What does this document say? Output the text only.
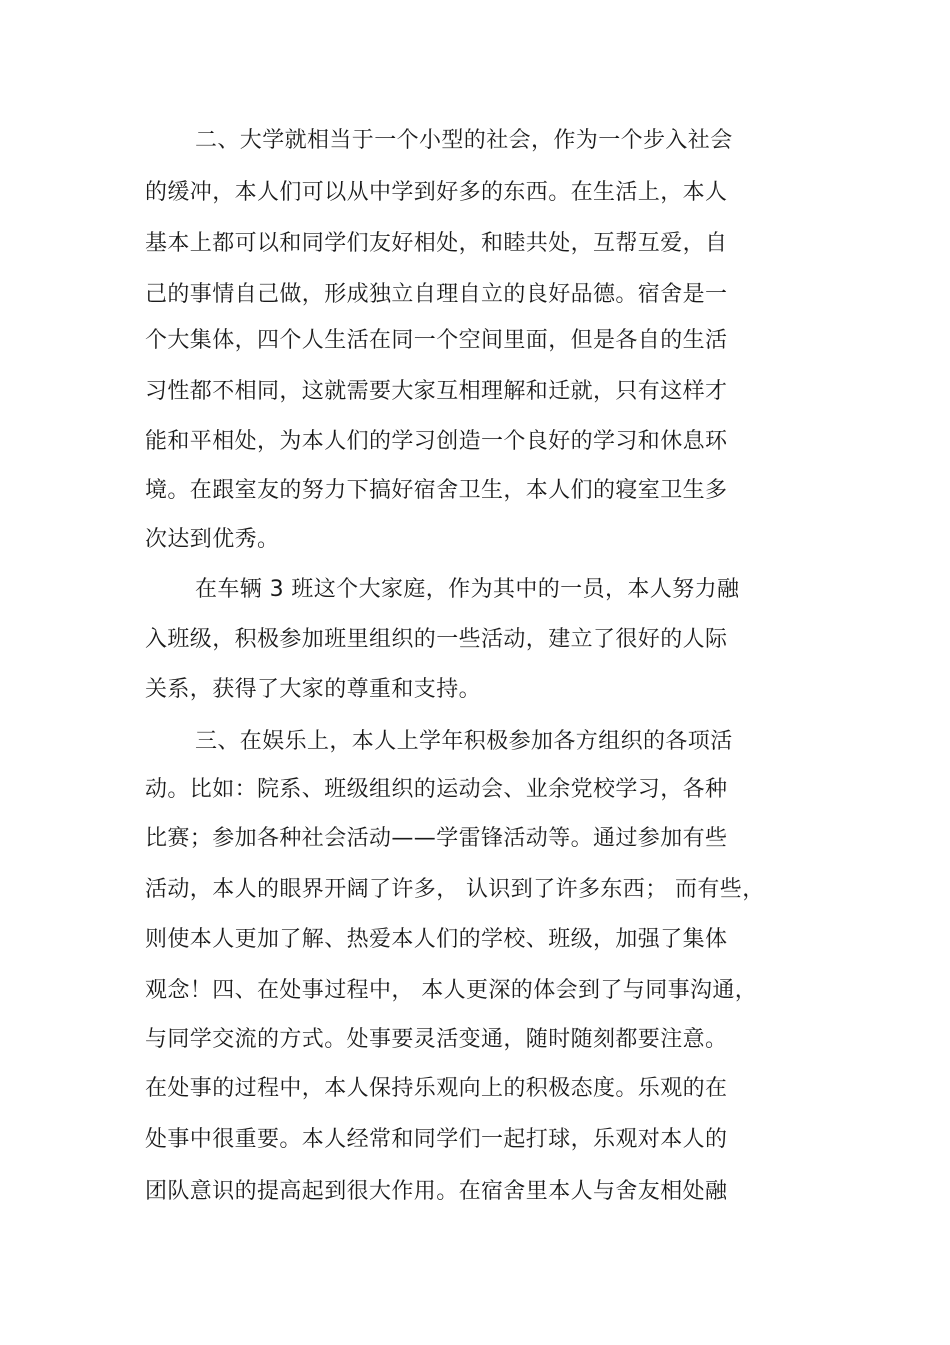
二、大学就相当于一个小型的社会，作为一个步入社会
的缓冲，本人们可以从中学到好多的东西。在生活上，本人
基本上都可以和同学们友好相处，和睦共处，互帮互爱，自
己的事情自己做，形成独立自理自立的良好品德。宿舍是一
个大集体，四个人生活在同一个空间里面，但是各自的生活
习性都不相同，这就需要大家互相理解和迁就，只有这样才
能和平相处，为本人们的学习创造一个良好的学习和休息环
境。在跟室友的努力下搞好宿舍卫生，本人们的寝室卫生多
次达到优秀。
在车辆 3 班这个大家庭，作为其中的一员，本人努力融
入班级，积极参加班里组织的一些活动，建立了很好的人际
关系，获得了大家的尊重和支持。
三、在娱乐上，本人上学年积极参加各方组织的各项活
动。比如：院系、班级组织的运动会、业余党校学习，各种
比赛；参加各种社会活动——学雷锋活动等。通过参加有些
活动，本人的眼界开阔了许多， 认识到了许多东西； 而有些，
则使本人更加了解、热爱本人们的学校、班级，加强了集体
观念！四、在处事过程中， 本人更深的体会到了与同事沟通，
与同学交流的方式。处事要灵活变通，随时随刻都要注意。
在处事的过程中，本人保持乐观向上的积极态度。乐观的在
处事中很重要。本人经常和同学们一起打球，乐观对本人的
团队意识的提高起到很大作用。在宿舍里本人与舍友相处融
